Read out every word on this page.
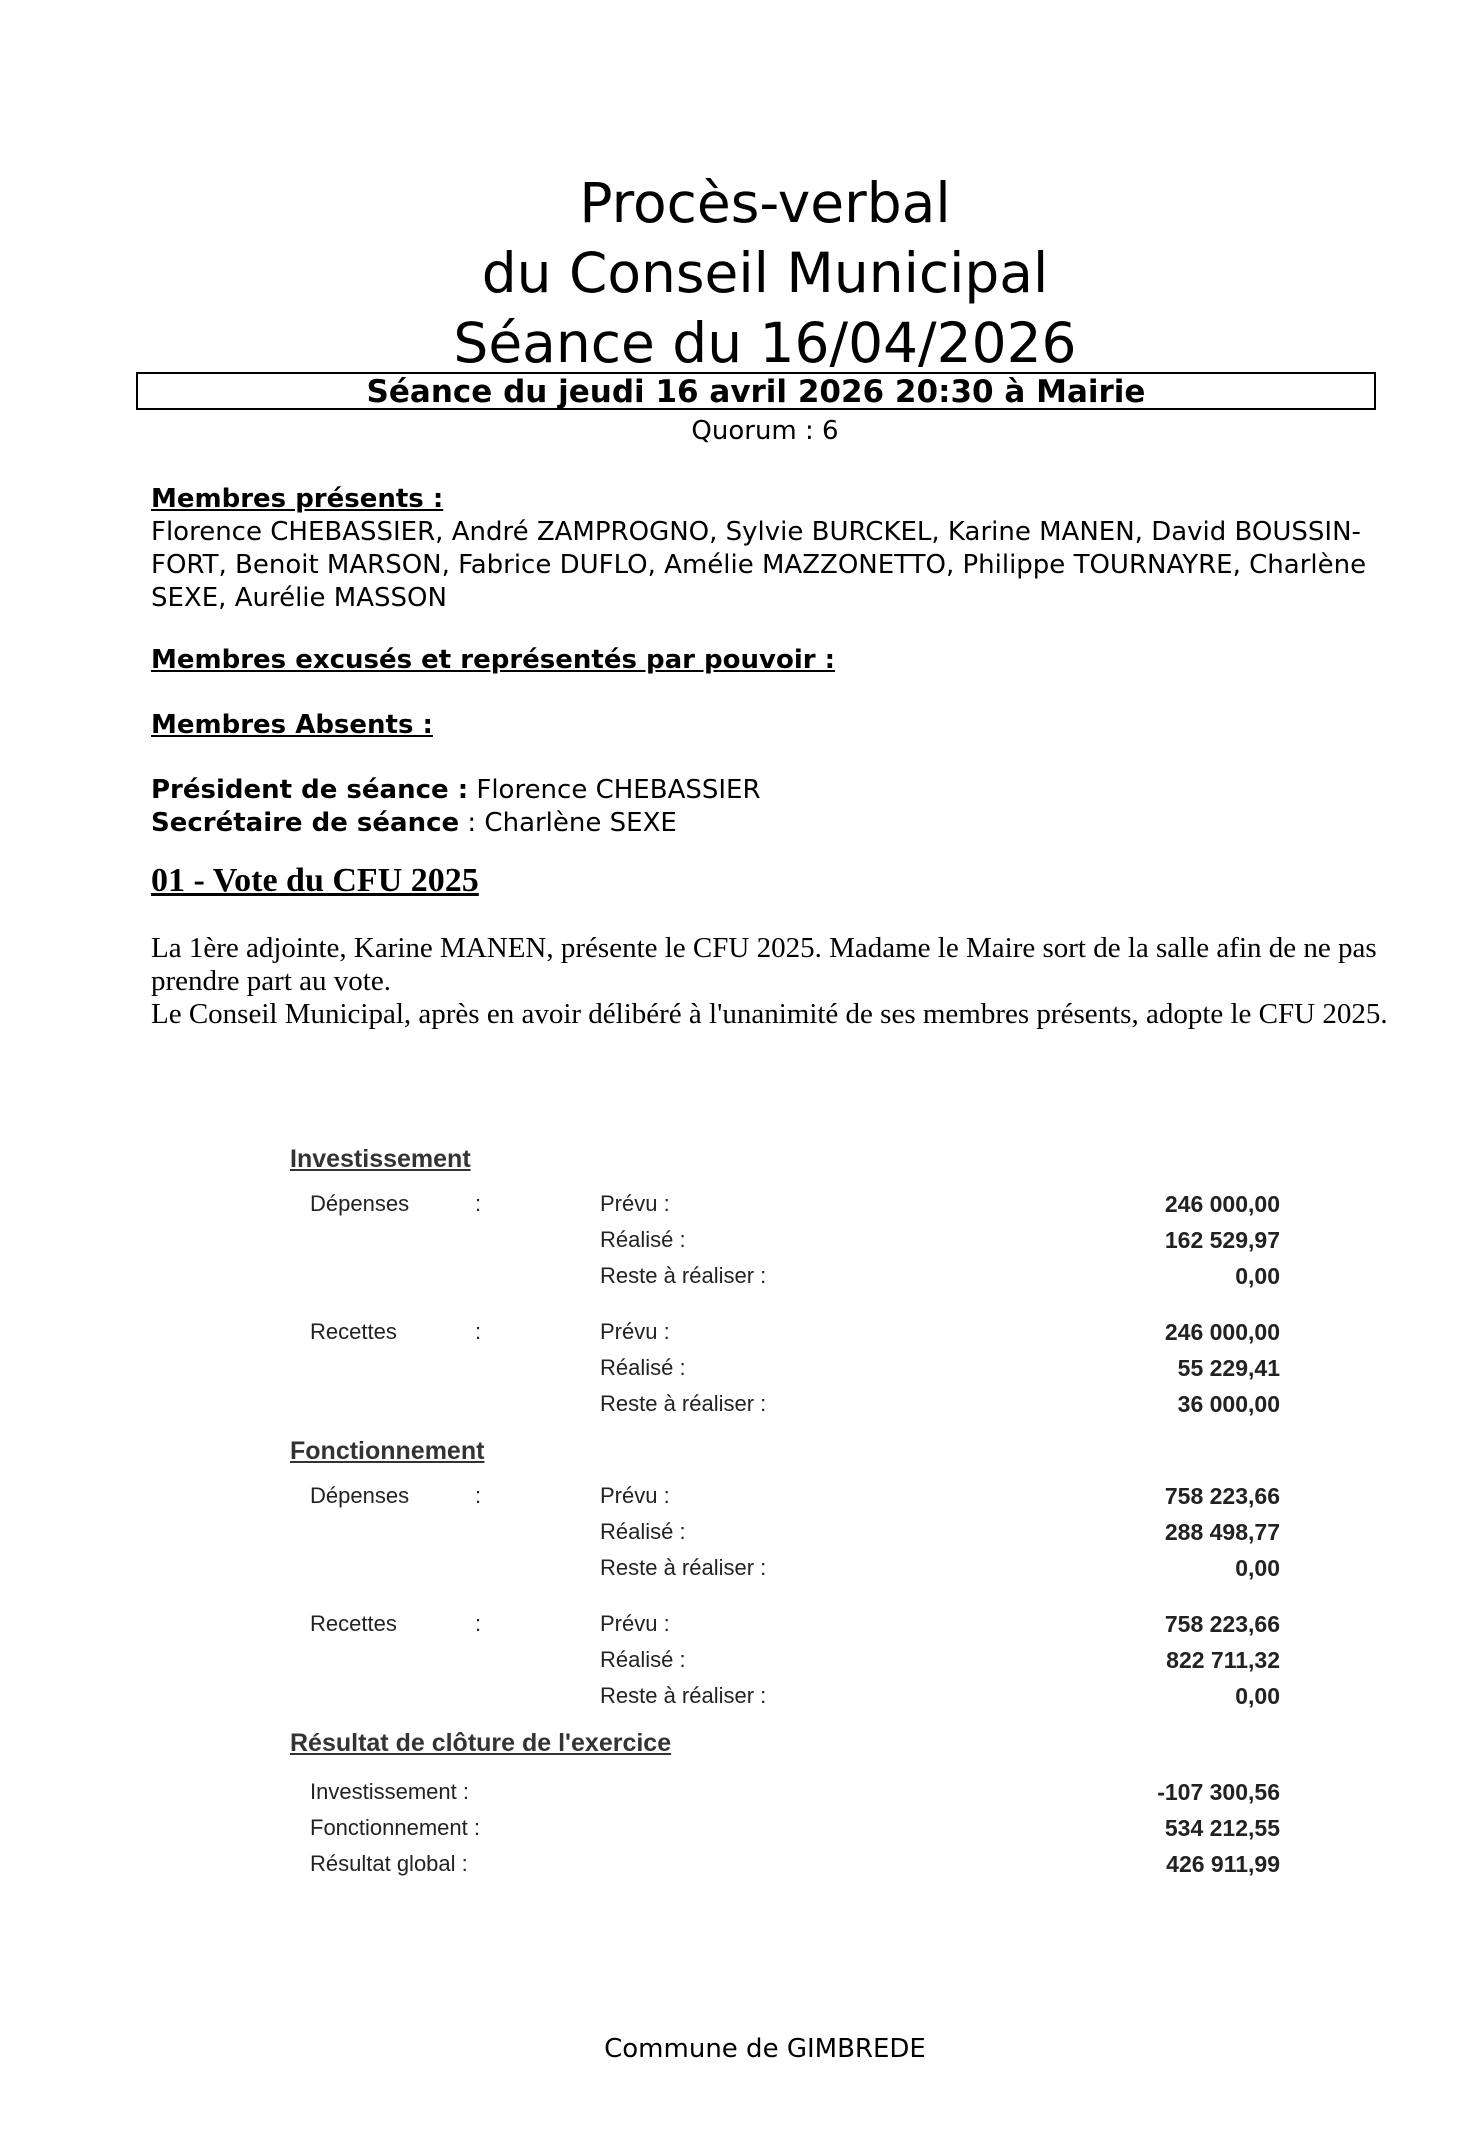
Procès-verbal
du Conseil Municipal
Séance du 16/04/2026
Séance du jeudi 16 avril 2026 20:30 à Mairie
Quorum : 6
Membres présents :
Florence CHEBASSIER, André ZAMPROGNO, Sylvie BURCKEL, Karine MANEN, David BOUSSIN-FORT, Benoit MARSON, Fabrice DUFLO, Amélie MAZZONETTO, Philippe TOURNAYRE, Charlène SEXE, Aurélie MASSON
Membres excusés et représentés par pouvoir :
Membres Absents :
Président de séance : Florence CHEBASSIER
Secrétaire de séance : Charlène SEXE
01 - Vote du CFU 2025

La 1ère adjointe, Karine MANEN, présente le CFU 2025. Madame le Maire sort de la salle afin de ne pas prendre part au vote.

Le Conseil Municipal, après en avoir délibéré à l'unanimité de ses membres présents, adopte le CFU 2025.

Investissement
Dépenses	:	Prévu :	246 000,00
Réalisé :	162 529,97
Reste à réaliser :	0,00
Recettes	:	Prévu :	246 000,00
Réalisé :	55 229,41
Reste à réaliser :	36 000,00
Fonctionnement
Dépenses	:	Prévu :	758 223,66
Réalisé :	288 498,77
Reste à réaliser :	0,00
Recettes	:	Prévu :	758 223,66
Réalisé :	822 711,32
Reste à réaliser :	0,00
Résultat de clôture de l'exercice
Investissement :	-107 300,56
Fonctionnement :	534 212,55
Résultat global :	426 911,99
Commune de GIMBREDE
